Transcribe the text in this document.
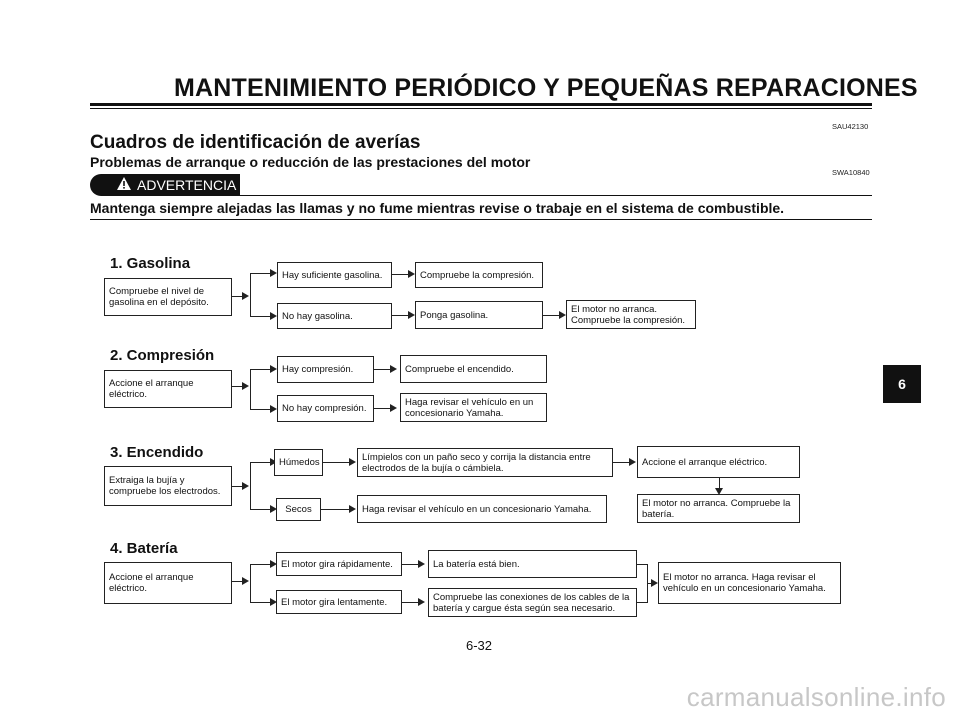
MANTENIMIENTO PERIÓDICO Y PEQUEÑAS REPARACIONES
SAU42130
Cuadros de identificación de averías
Problemas de arranque o reducción de las prestaciones del motor
SWA10840
ADVERTENCIA
Mantenga siempre alejadas las llamas y no fume mientras revise o trabaje en el sistema de combustible.
1. Gasolina
Compruebe el nivel de gasolina en el depósito.
Hay suficiente gasolina.	Compruebe la compresión.
No hay gasolina.	Ponga gasolina.
El motor no arranca. Compruebe la compresión.
2. Compresión
Accione el arranque eléctrico.
Hay compresión.	Compruebe el encendido.
No hay compresión.
Haga revisar el vehículo en un concesionario Yamaha.
3. Encendido
Extraiga la bujía y compruebe los electrodos.
Húmedos	Límpielos con un paño seco y corrija la distancia entre electrodos de la bujía o cámbiela.
Accione el arranque eléctrico.
El motor no arranca. Compruebe la batería.
Secos	Haga revisar el vehículo en un concesionario Yamaha.
4. Batería
Accione el arranque eléctrico.
El motor gira rápidamente.	La batería está bien.
El motor gira lentamente.	Compruebe las conexiones de los cables de la batería y cargue ésta según sea necesario.
El motor no arranca. Haga revisar el vehículo en un concesionario Yamaha.
6
6-32
carmanualsonline.info
